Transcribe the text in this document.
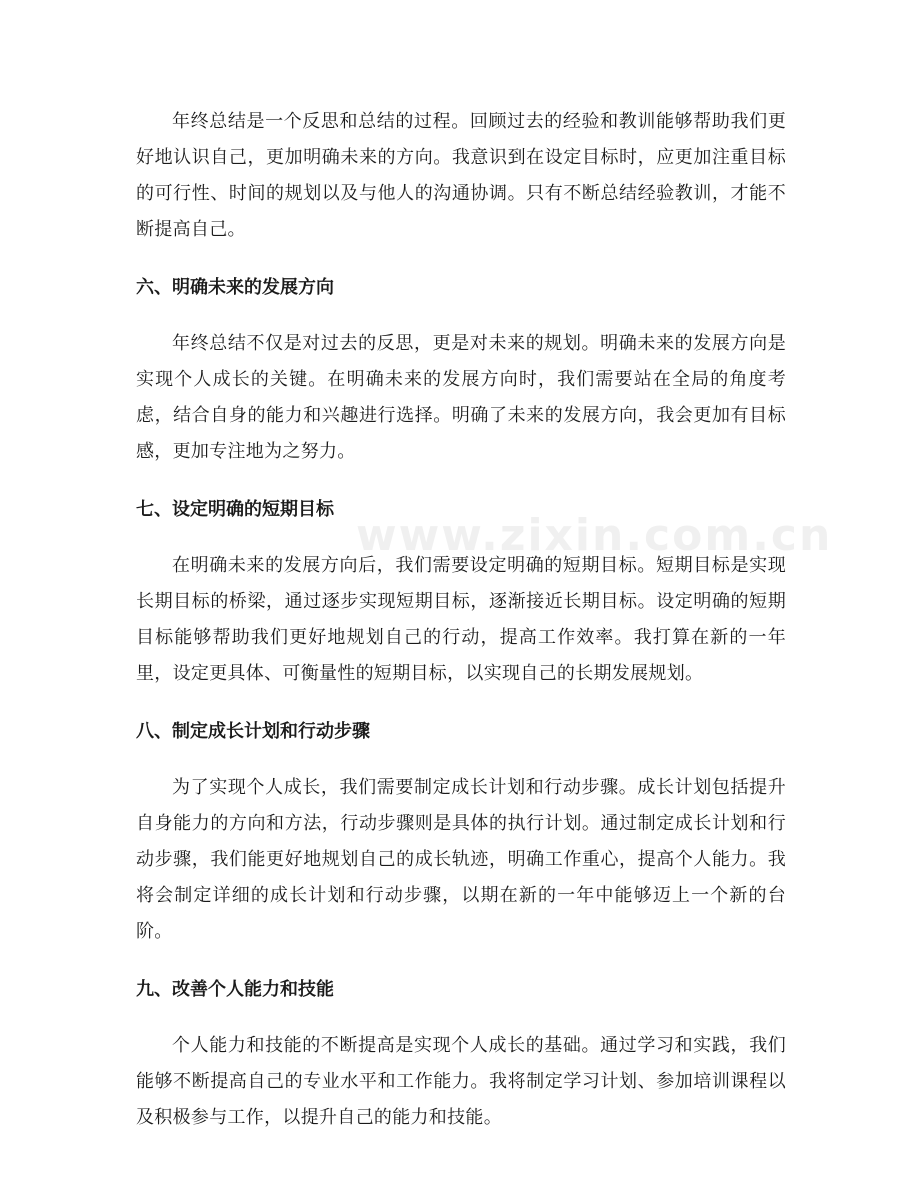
年终总结是一个反思和总结的过程。回顾过去的经验和教训能够帮助我们更好地认识自己，更加明确未来的方向。我意识到在设定目标时，应更加注重目标的可行性、时间的规划以及与他人的沟通协调。只有不断总结经验教训，才能不断提高自己。

六、明确未来的发展方向

年终总结不仅是对过去的反思，更是对未来的规划。明确未来的发展方向是实现个人成长的关键。在明确未来的发展方向时，我们需要站在全局的角度考虑，结合自身的能力和兴趣进行选择。明确了未来的发展方向，我会更加有目标感，更加专注地为之努力。

七、设定明确的短期目标

在明确未来的发展方向后，我们需要设定明确的短期目标。短期目标是实现长期目标的桥梁，通过逐步实现短期目标，逐渐接近长期目标。设定明确的短期目标能够帮助我们更好地规划自己的行动，提高工作效率。我打算在新的一年里，设定更具体、可衡量性的短期目标，以实现自己的长期发展规划。

八、制定成长计划和行动步骤

为了实现个人成长，我们需要制定成长计划和行动步骤。成长计划包括提升自身能力的方向和方法，行动步骤则是具体的执行计划。通过制定成长计划和行动步骤，我们能更好地规划自己的成长轨迹，明确工作重心，提高个人能力。我将会制定详细的成长计划和行动步骤，以期在新的一年中能够迈上一个新的台阶。

九、改善个人能力和技能

个人能力和技能的不断提高是实现个人成长的基础。通过学习和实践，我们能够不断提高自己的专业水平和工作能力。我将制定学习计划、参加培训课程以及积极参与工作，以提升自己的能力和技能。

www.zixin.com.cn
